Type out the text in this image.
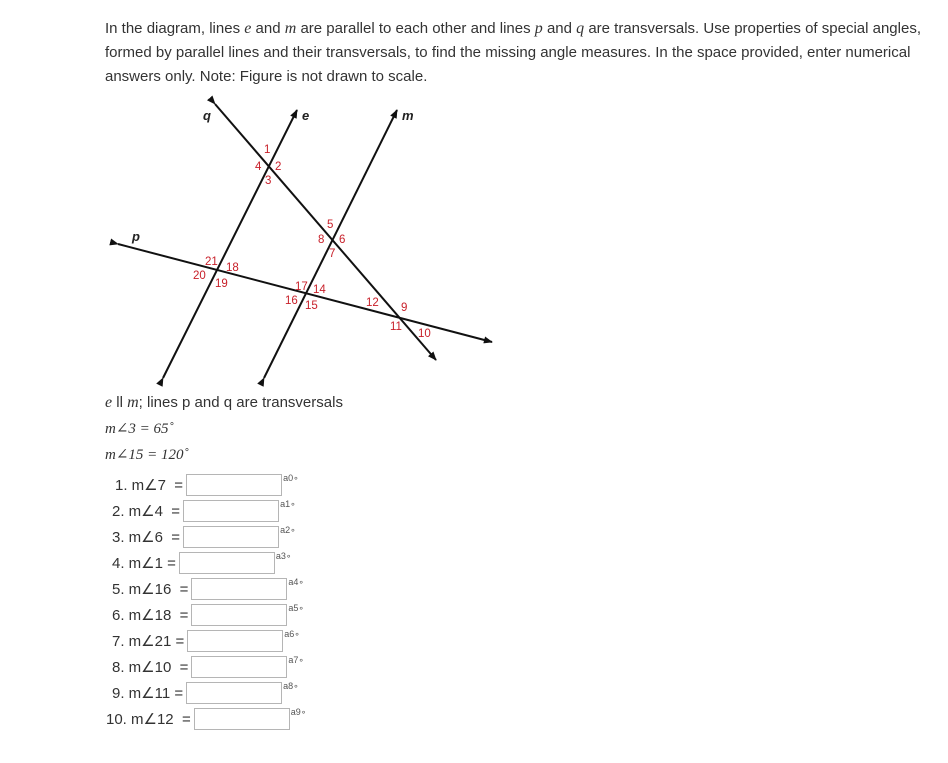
In the diagram, lines e and m are parallel to each other and lines p and q are transversals. Use properties of special angles, formed by parallel lines and their transversals, to find the missing angle measures. In the space provided, enter numerical answers only. Note: Figure is not drawn to scale.

q	e	m
p
1
2
3
4
5
6
7
8
9
10
11
12
14
15
16
17
18
19
20
21
e ll m; lines p and q are transversals
m∠3 = 65˚
m∠15 = 120˚
1. m∠7  =	a0∘
2. m∠4  =	a1∘
3. m∠6  =	a2∘
4. m∠1 =	a3∘
5. m∠16  =	a4∘
6. m∠18  =	a5∘
7. m∠21 =	a6∘
8. m∠10  =	a7∘
9. m∠11 =	a8∘
10. m∠12  =	a9∘
